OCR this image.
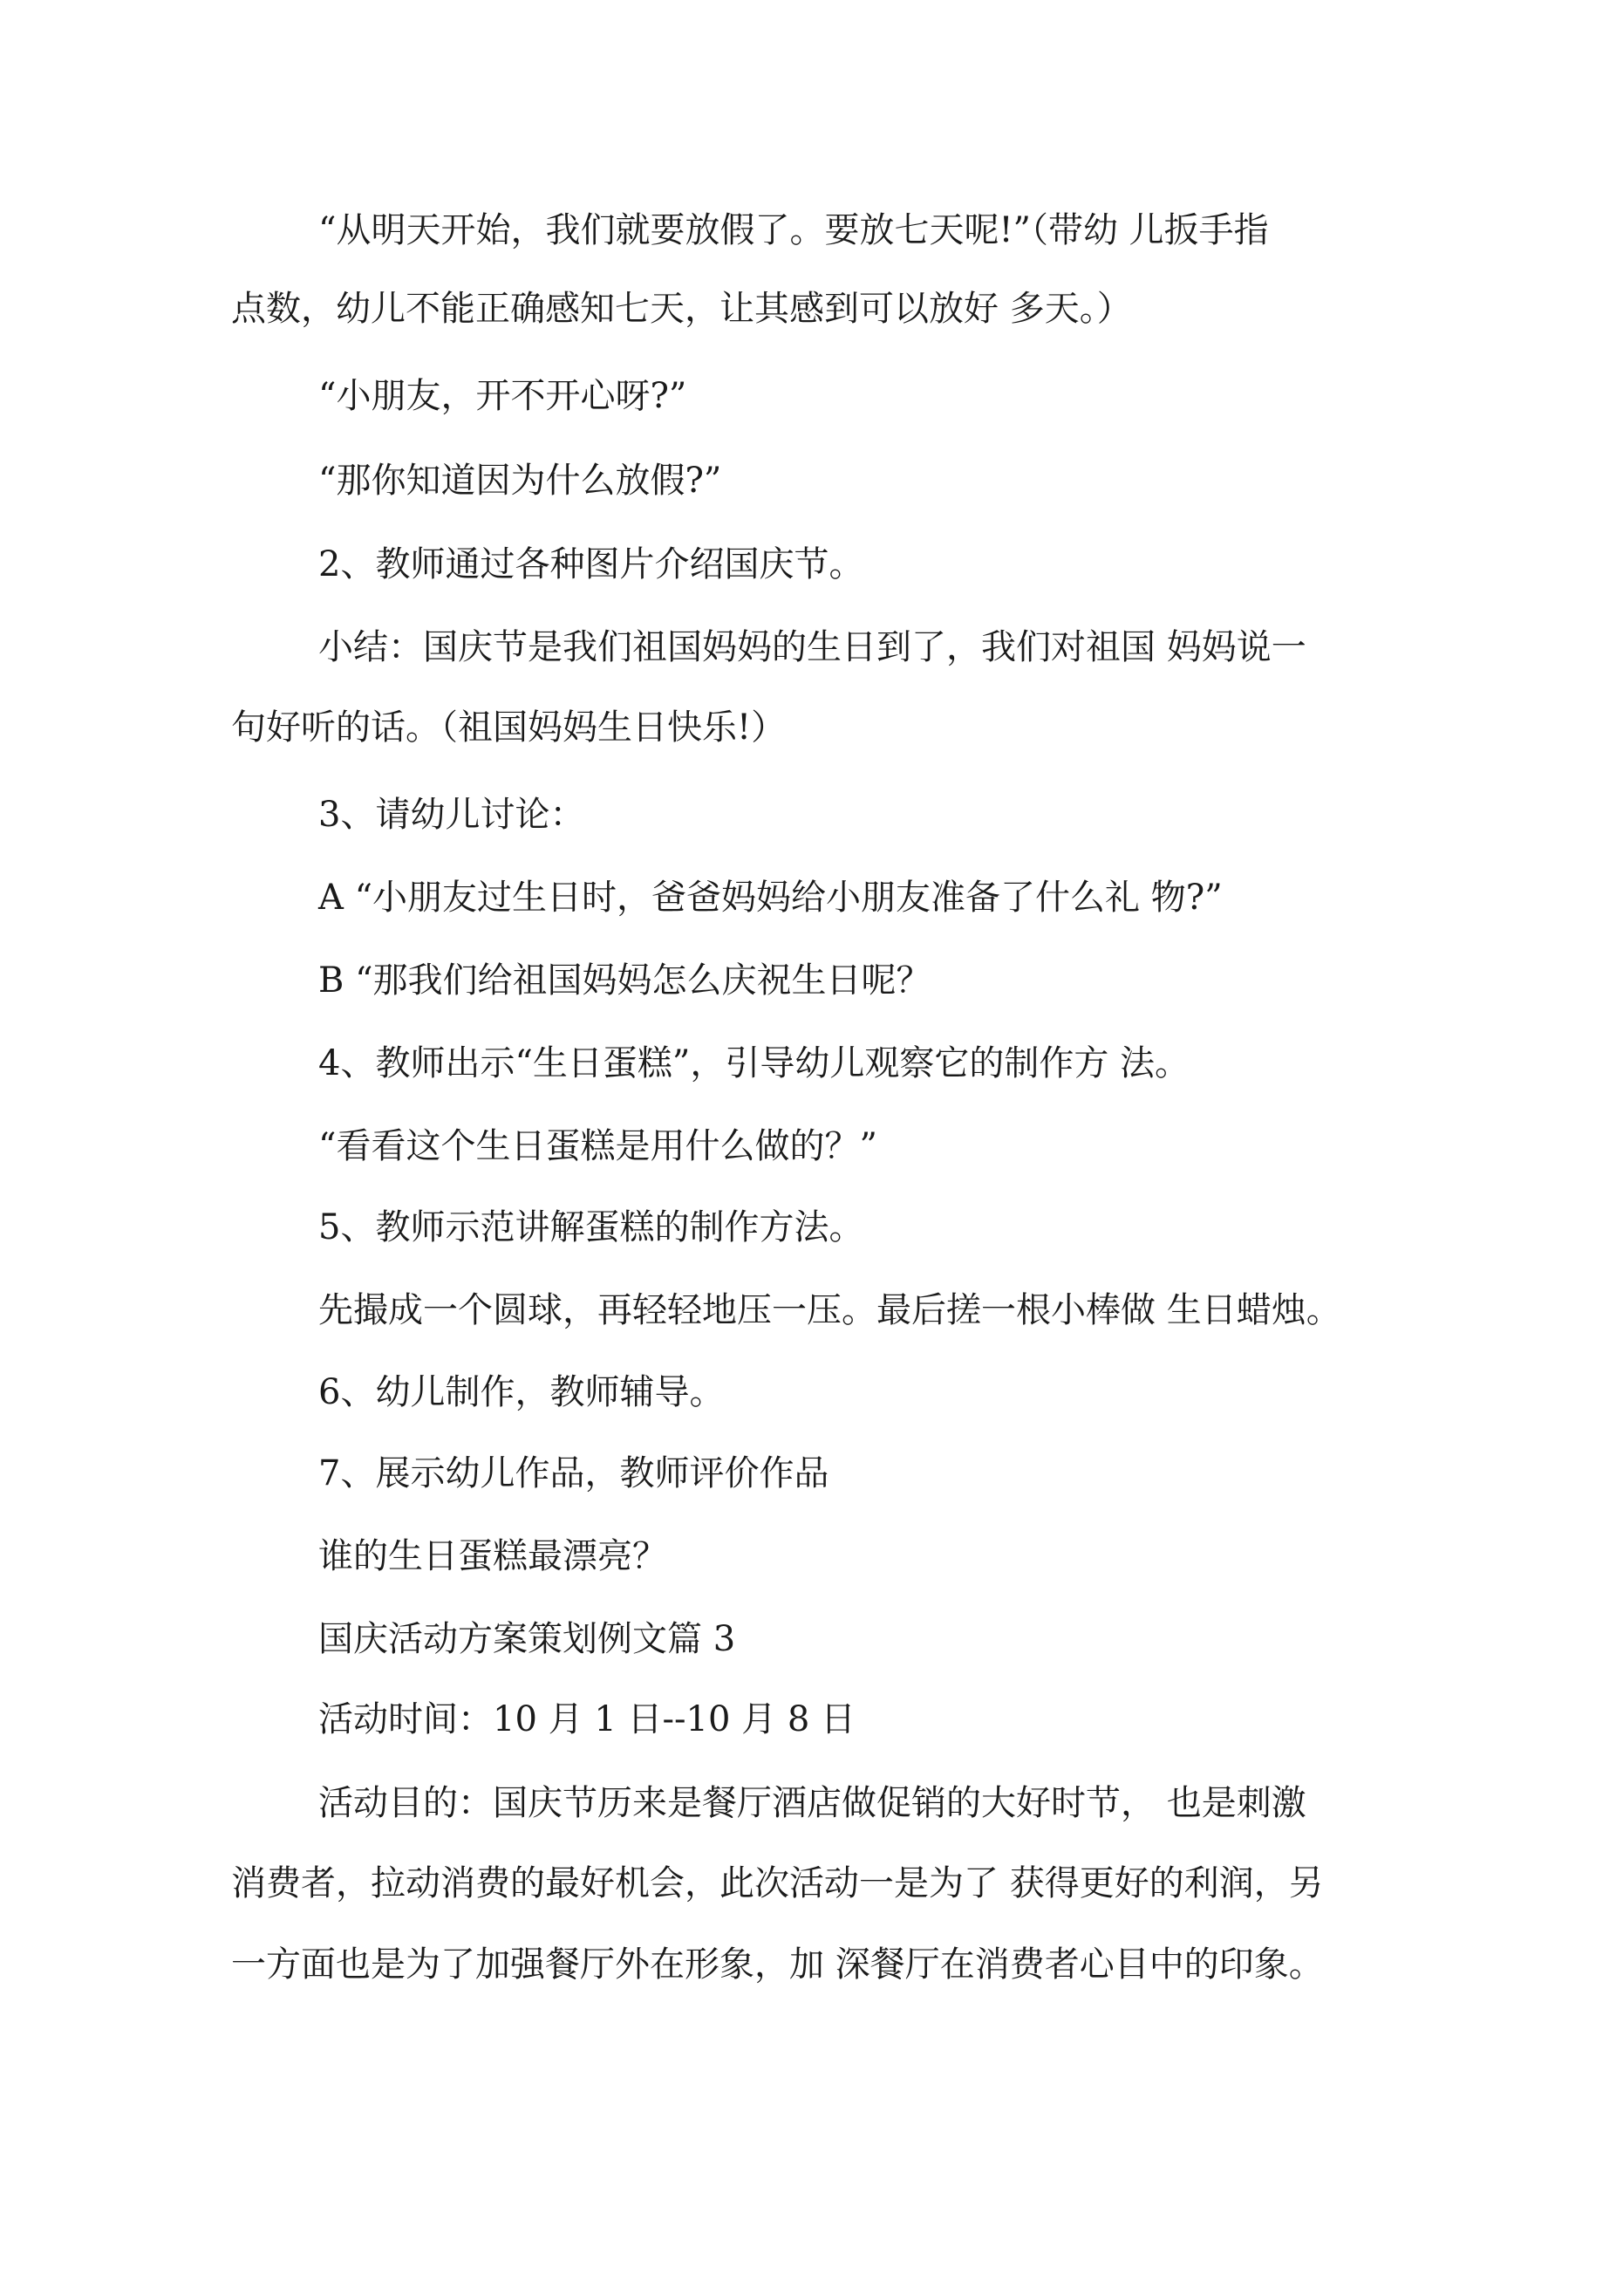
“从明天开始，我们就要放假了。要放七天呢!”（带幼 儿扳手指
点数，幼儿不能正确感知七天，让其感到可以放好 多天。）
“小朋友，开不开心呀?”
“那你知道因为什么放假?”
2、教师通过各种图片介绍国庆节。
小结：国庆节是我们祖国妈妈的生日到了，我们对祖国 妈妈说一
句好听的话。（祖国妈妈生日快乐!）
3、请幼儿讨论：
A “小朋友过生日时，爸爸妈妈给小朋友准备了什么礼 物?”
B “那我们给祖国妈妈怎么庆祝生日呢？
4、教师出示“生日蛋糕”，引导幼儿观察它的制作方 法。
“看看这个生日蛋糕是用什么做的？”
5、教师示范讲解蛋糕的制作方法。
先撮成一个圆球，再轻轻地压一压。最后搓一根小棒做 生日蜡烛。
6、幼儿制作，教师辅导。
7、展示幼儿作品，教师评价作品
谁的生日蛋糕最漂亮？
国庆活动方案策划例文篇 3
活动时间：10 月 1 日--10 月 8 日
活动目的：国庆节历来是餐厅酒店做促销的大好时节， 也是刺激
消费者，拉动消费的最好机会，此次活动一是为了 获得更好的利润，另
一方面也是为了加强餐厅外在形象，加 深餐厅在消费者心目中的印象。
